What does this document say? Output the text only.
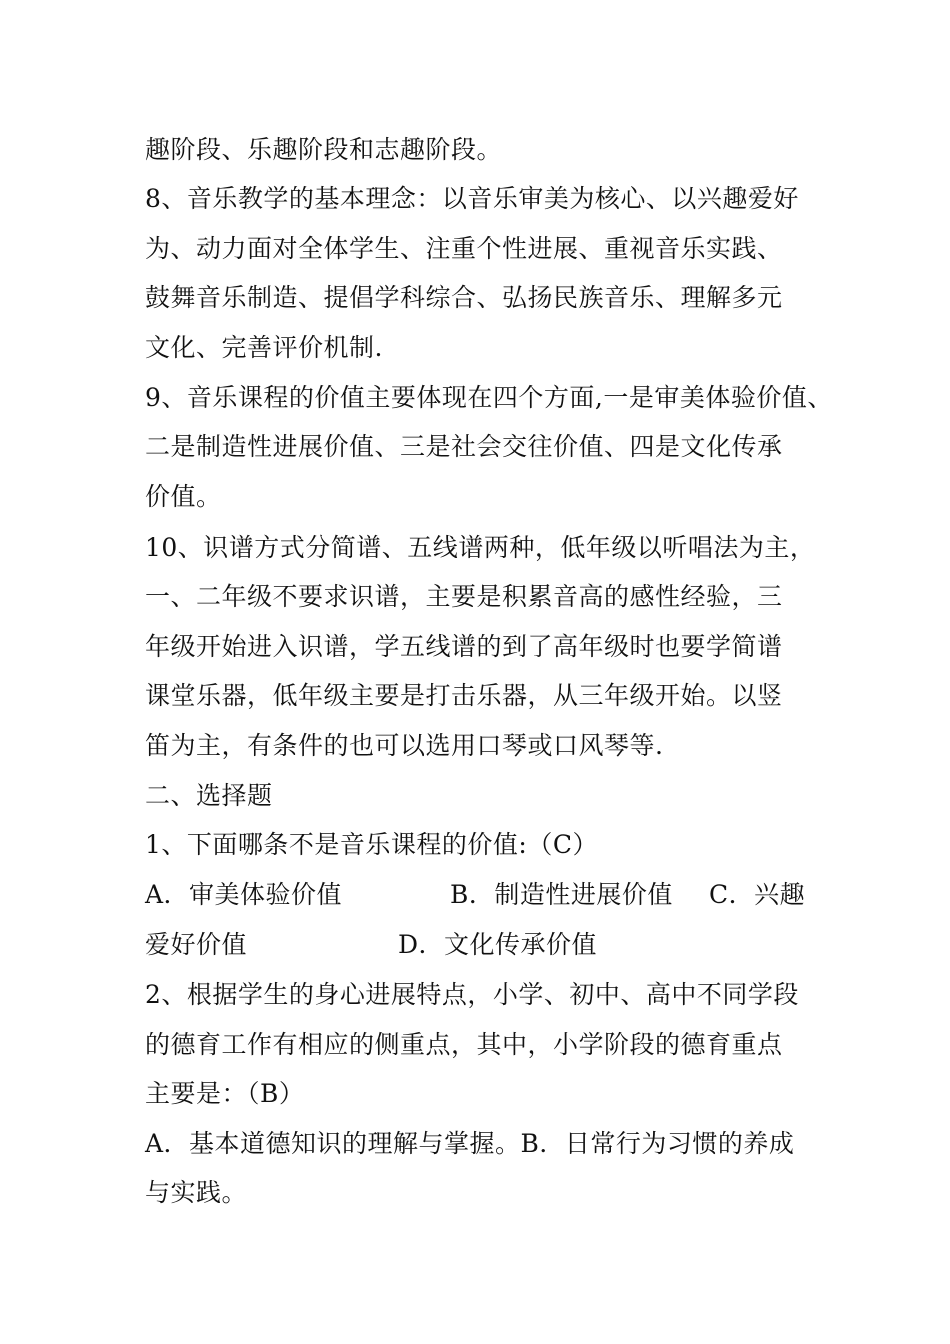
趣阶段、乐趣阶段和志趣阶段。
8、音乐教学的基本理念：以音乐审美为核心、以兴趣爱好
为、动力面对全体学生、注重个性进展、重视音乐实践、
鼓舞音乐制造、提倡学科综合、弘扬民族音乐、理解多元
文化、完善评价机制.
9、音乐课程的价值主要体现在四个方面,一是审美体验价值、
二是制造性进展价值、三是社会交往价值、四是文化传承
价值。
10、识谱方式分简谱、五线谱两种，低年级以听唱法为主，
一、二年级不要求识谱，主要是积累音高的感性经验，三
年级开始进入识谱，学五线谱的到了高年级时也要学简谱
课堂乐器，低年级主要是打击乐器，从三年级开始。以竖
笛为主，有条件的也可以选用口琴或口风琴等.
二、选择题
1、下面哪条不是音乐课程的价值:（C）
A．审美体验价值	B．制造性进展价值 C．兴趣
爱好价值	D．文化传承价值
2、根据学生的身心进展特点，小学、初中、高中不同学段
的德育工作有相应的侧重点，其中，小学阶段的德育重点
主要是：（B）
A．基本道德知识的理解与掌握。B．日常行为习惯的养成
与实践。
